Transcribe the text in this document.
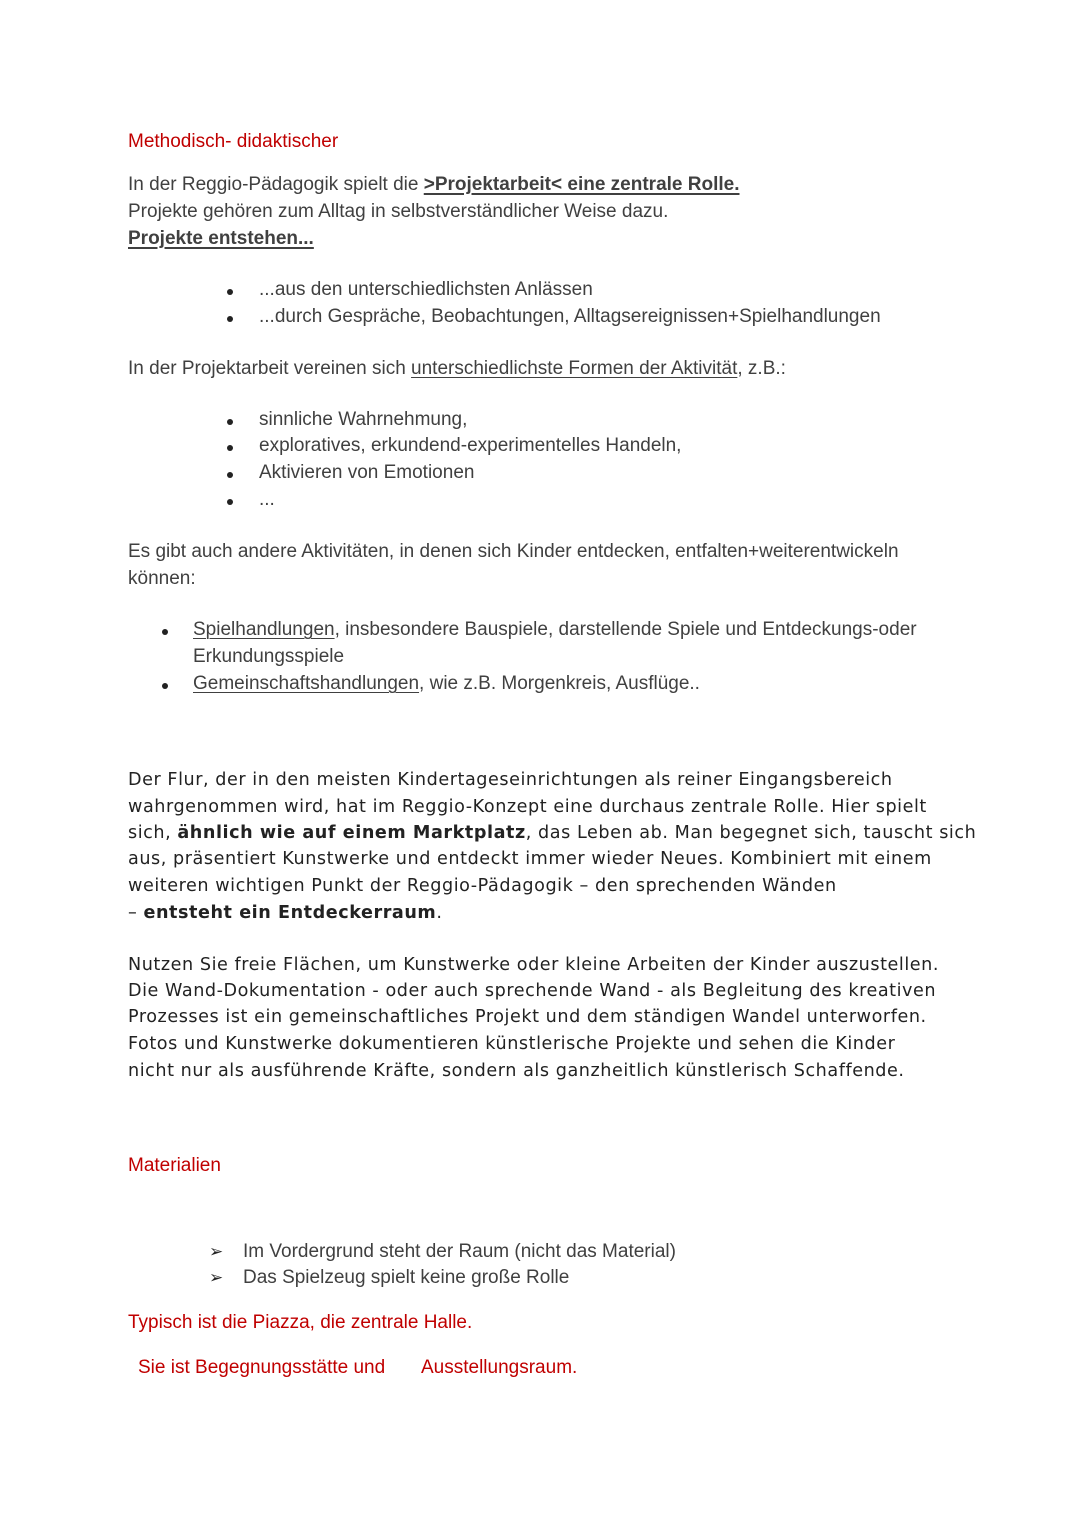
Methodisch- didaktischer
In der Reggio-Pädagogik spielt die >Projektarbeit< eine zentrale Rolle.
Projekte gehören zum Alltag in selbstverständlicher Weise dazu.
Projekte entstehen...
...aus den unterschiedlichsten Anlässen
...durch Gespräche, Beobachtungen, Alltagsereignissen+Spielhandlungen
In der Projektarbeit vereinen sich unterschiedlichste Formen der Aktivität, z.B.:
sinnliche Wahrnehmung,
exploratives, erkundend-experimentelles Handeln,
Aktivieren von Emotionen
...
Es gibt auch andere Aktivitäten, in denen sich Kinder entdecken, entfalten+weiterentwickeln
können:
Spielhandlungen, insbesondere Bauspiele, darstellende Spiele und Entdeckungs-oder
Erkundungsspiele
Gemeinschaftshandlungen, wie z.B. Morgenkreis, Ausflüge..
Der Flur, der in den meisten Kindertageseinrichtungen als reiner Eingangsbereich
wahrgenommen wird, hat im Reggio-Konzept eine durchaus zentrale Rolle. Hier spielt
sich, ähnlich wie auf einem Marktplatz, das Leben ab. Man begegnet sich, tauscht sich
aus, präsentiert Kunstwerke und entdeckt immer wieder Neues. Kombiniert mit einem
weiteren wichtigen Punkt der Reggio-Pädagogik – den sprechenden Wänden
– entsteht ein Entdeckerraum.
Nutzen Sie freie Flächen, um Kunstwerke oder kleine Arbeiten der Kinder auszustellen.
Die Wand-Dokumentation - oder auch sprechende Wand - als Begleitung des kreativen
Prozesses ist ein gemeinschaftliches Projekt und dem ständigen Wandel unterworfen.
Fotos und Kunstwerke dokumentieren künstlerische Projekte und sehen die Kinder
nicht nur als ausführende Kräfte, sondern als ganzheitlich künstlerisch Schaffende.
Materialien
➢ Im Vordergrund steht der Raum (nicht das Material)
➢ Das Spielzeug spielt keine große Rolle
Typisch ist die Piazza, die zentrale Halle.
Sie ist Begegnungsstätte und Ausstellungsraum.
